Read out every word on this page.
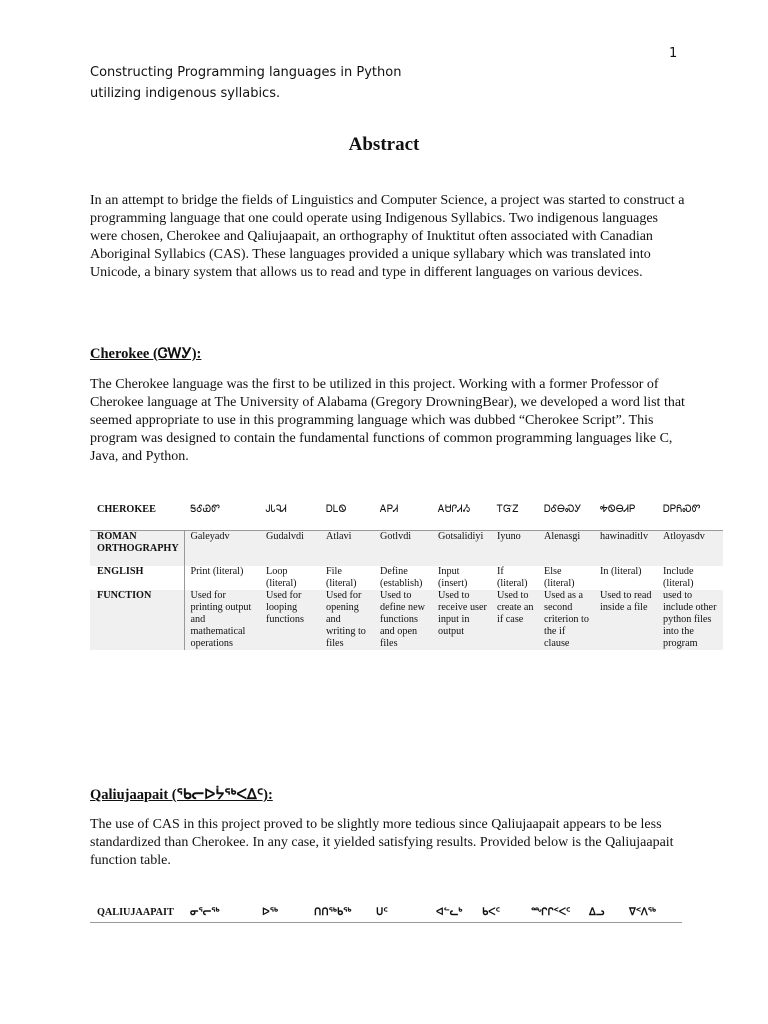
1
Constructing Programming languages in Python
utilizing indigenous syllabics.
Abstract
In an attempt to bridge the fields of Linguistics and Computer Science, a project was started to construct a programming language that one could operate using Indigenous Syllabics. Two indigenous languages were chosen, Cherokee and Qaliujaapait, an orthography of Inuktitut often associated with Canadian Aboriginal Syllabics (CAS). These languages provided a unique syllabary which was translated into Unicode, a binary system that allows us to read and type in different languages on various devices.
Cherokee (ᏣᎳᎩ):
The Cherokee language was the first to be utilized in this project. Working with a former Professor of Cherokee language at The University of Alabama (Gregory DrowningBear), we developed a word list that seemed appropriate to use in this programming language which was dubbed “Cherokee Script”. This program was designed to contain the fundamental functions of common programming languages like C, Java, and Python.
CHEROKEE	ᎦᎴᏯᏛ	ᎫᏓᎸᏗ	ᎠᏞᏫ	ᎪᏢᏗ	ᎪᏌᎵᏗᏱ	ᎢᏳᏃ	ᎠᎴᎾᏍᎩ	ᎭᏫᎾᏗᏢ	ᎠᏢᏲᏍᏛ
ROMAN ORTHOGRAPHY	Galeyadv	Gudalvdi	Atlavi	Gotlvdi	Gotsalidiyi	Iyuno	Alenasgi	hawinaditlv	Atloyasdv
ENGLISH	Print (literal)	Loop (literal)	File (literal)	Define (establish)	Input (insert)	If (literal)	Else (literal)	In (literal)	Include (literal)
FUNCTION	Used for printing output and mathematical operations	Used for looping functions	Used for opening and writing to files	Used to define new functions and open files	Used to receive user input in output	Used to create an if case	Used as a second criterion to the if clause	Used to read inside a file	used to include other python files into the program
Qaliujaapait (ᖃᓕᐅᔮᖅᐸᐃᑦ):
The use of CAS in this project proved to be slightly more tedious since Qaliujaapait appears to be less standardized than Cherokee. In any case, it yielded satisfying results. Provided below is the Qaliujaapait function table.
QALIUJAAPAIT	ᓂᕐᓕᖅ	ᐅᖅ	ᑎᑎᖅᑲᖅ	ᑌᑦ	ᐊᓪᓚᒃ	ᑲᐸᑦ	ᙱᒋᑉᐸᑦ	ᐃᓗ	ᐁᑉᐱᖅ
